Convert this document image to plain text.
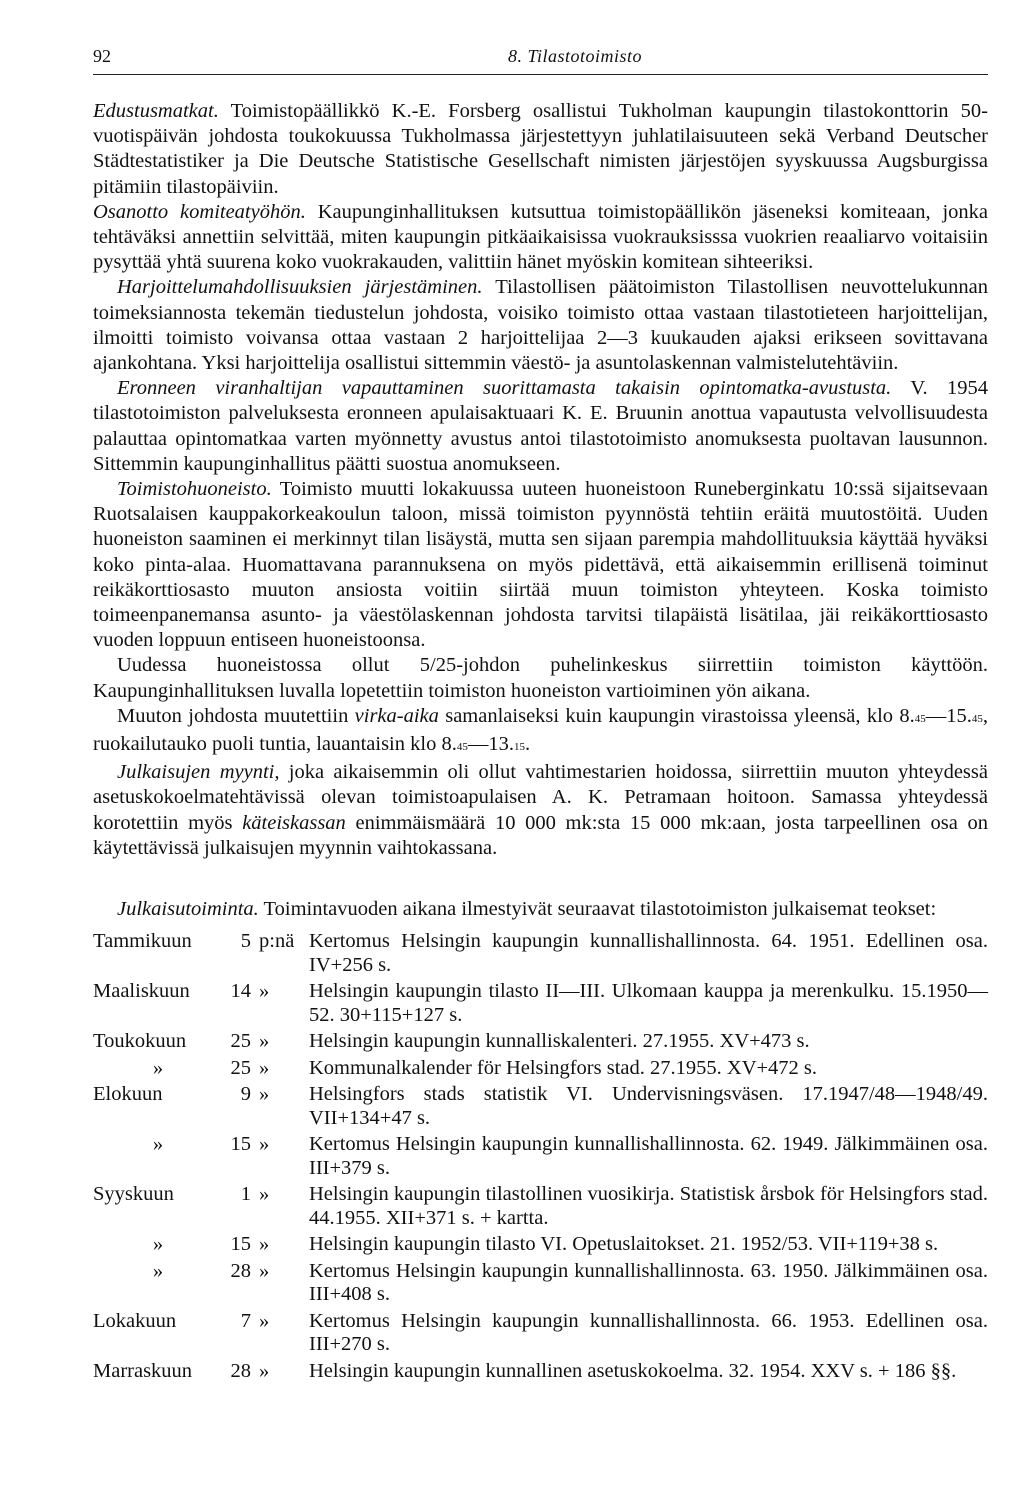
92	8. Tilastotoimisto

Edustusmatkat. Toimistopäällikkö K.-E. Forsberg osallistui Tukholman kaupungin tilastokonttorin 50-vuotispäivän johdosta toukokuussa Tukholmassa järjestettyyn juhlatilaisuuteen sekä Verband Deutscher Städtestatistiker ja Die Deutsche Statistische Gesellschaft nimisten järjestöjen syyskuussa Augsburgissa pitämiin tilastopäiviin.

Osanotto komiteatyöhön. Kaupunginhallituksen kutsuttua toimistopäällikön jäseneksi komiteaan, jonka tehtäväksi annettiin selvittää, miten kaupungin pitkäaikaisissa vuokrauksisssa vuokrien reaaliarvo voitaisiin pysyttää yhtä suurena koko vuokrakauden, valittiin hänet myöskin komitean sihteeriksi.

Harjoittelumahdollisuuksien järjestäminen. Tilastollisen päätoimiston Tilastollisen neuvottelukunnan toimeksiannosta tekemän tiedustelun johdosta, voisiko toimisto ottaa vastaan tilastotieteen harjoittelijan, ilmoitti toimisto voivansa ottaa vastaan 2 harjoittelijaa 2—3 kuukauden ajaksi erikseen sovittavana ajankohtana. Yksi harjoittelija osallistui sittemmin väestö- ja asuntolaskennan valmistelutehtäviin.

Eronneen viranhaltijan vapauttaminen suorittamasta takaisin opintomatka-avustusta. V. 1954 tilastotoimiston palveluksesta eronneen apulaisaktuaari K. E. Bruunin anottua vapautusta velvollisuudesta palauttaa opintomatkaa varten myönnetty avustus antoi tilastotoimisto anomuksesta puoltavan lausunnon. Sittemmin kaupunginhallitus päätti suostua anomukseen.

Toimistohuoneisto. Toimisto muutti lokakuussa uuteen huoneistoon Runeberginkatu 10:ssä sijaitsevaan Ruotsalaisen kauppakorkeakoulun taloon, missä toimiston pyynnöstä tehtiin eräitä muutostöitä. Uuden huoneiston saaminen ei merkinnyt tilan lisäystä, mutta sen sijaan parempia mahdollituuksia käyttää hyväksi koko pinta-alaa. Huomattavana parannuksena on myös pidettävä, että aikaisemmin erillisenä toiminut reikäkorttiosasto muuton ansiosta voitiin siirtää muun toimiston yhteyteen. Koska toimisto toimeenpanemansa asunto- ja väestölaskennan johdosta tarvitsi tilapäistä lisätilaa, jäi reikäkorttiosasto vuoden loppuun entiseen huoneistoonsa.

Uudessa huoneistossa ollut 5/25-johdon puhelinkeskus siirrettiin toimiston käyttöön. Kaupunginhallituksen luvalla lopetettiin toimiston huoneiston vartioiminen yön aikana.

Muuton johdosta muutettiin virka-aika samanlaiseksi kuin kaupungin virastoissa yleensä, klo 8.45—15.45, ruokailutauko puoli tuntia, lauantaisin klo 8.45—13.15.

Julkaisujen myynti, joka aikaisemmin oli ollut vahtimestarien hoidossa, siirrettiin muuton yhteydessä asetuskokoelmatehtävissä olevan toimistoapulaisen A. K. Petramaan hoitoon. Samassa yhteydessä korotettiin myös käteiskassan enimmäismäärä 10 000 mk:sta 15 000 mk:aan, josta tarpeellinen osa on käytettävissä julkaisujen myynnin vaihtokassana.

Julkaisutoiminta. Toimintavuoden aikana ilmestyivät seuraavat tilastotoimiston julkaisemat teokset:

Tammikuun	5	p:nä	Kertomus Helsingin kaupungin kunnallishallinnosta. 64. 1951. Edellinen osa. IV+256 s.
Maaliskuun	14	»	Helsingin kaupungin tilasto II—III. Ulkomaan kauppa ja merenkulku. 15.1950—52. 30+115+127 s.
Toukokuun	25	»	Helsingin kaupungin kunnalliskalenteri. 27.1955. XV+473 s.
»	25	»	Kommunalkalender för Helsingfors stad. 27.1955. XV+472 s.
Elokuun	9	»	Helsingfors stads statistik VI. Undervisningsväsen. 17.1947/48—1948/49. VII+134+47 s.
»	15	»	Kertomus Helsingin kaupungin kunnallishallinnosta. 62. 1949. Jälkimmäinen osa. III+379 s.
Syyskuun	1	»	Helsingin kaupungin tilastollinen vuosikirja. Statistisk årsbok för Helsingfors stad. 44.1955. XII+371 s. + kartta.
»	15	»	Helsingin kaupungin tilasto VI. Opetuslaitokset. 21. 1952/53. VII+119+38 s.
»	28	»	Kertomus Helsingin kaupungin kunnallishallinnosta. 63. 1950. Jälkimmäinen osa. III+408 s.
Lokakuun	7	»	Kertomus Helsingin kaupungin kunnallishallinnosta. 66. 1953. Edellinen osa. III+270 s.
Marraskuun	28	»	Helsingin kaupungin kunnallinen asetuskokoelma. 32. 1954. XXV s. + 186 §§.
